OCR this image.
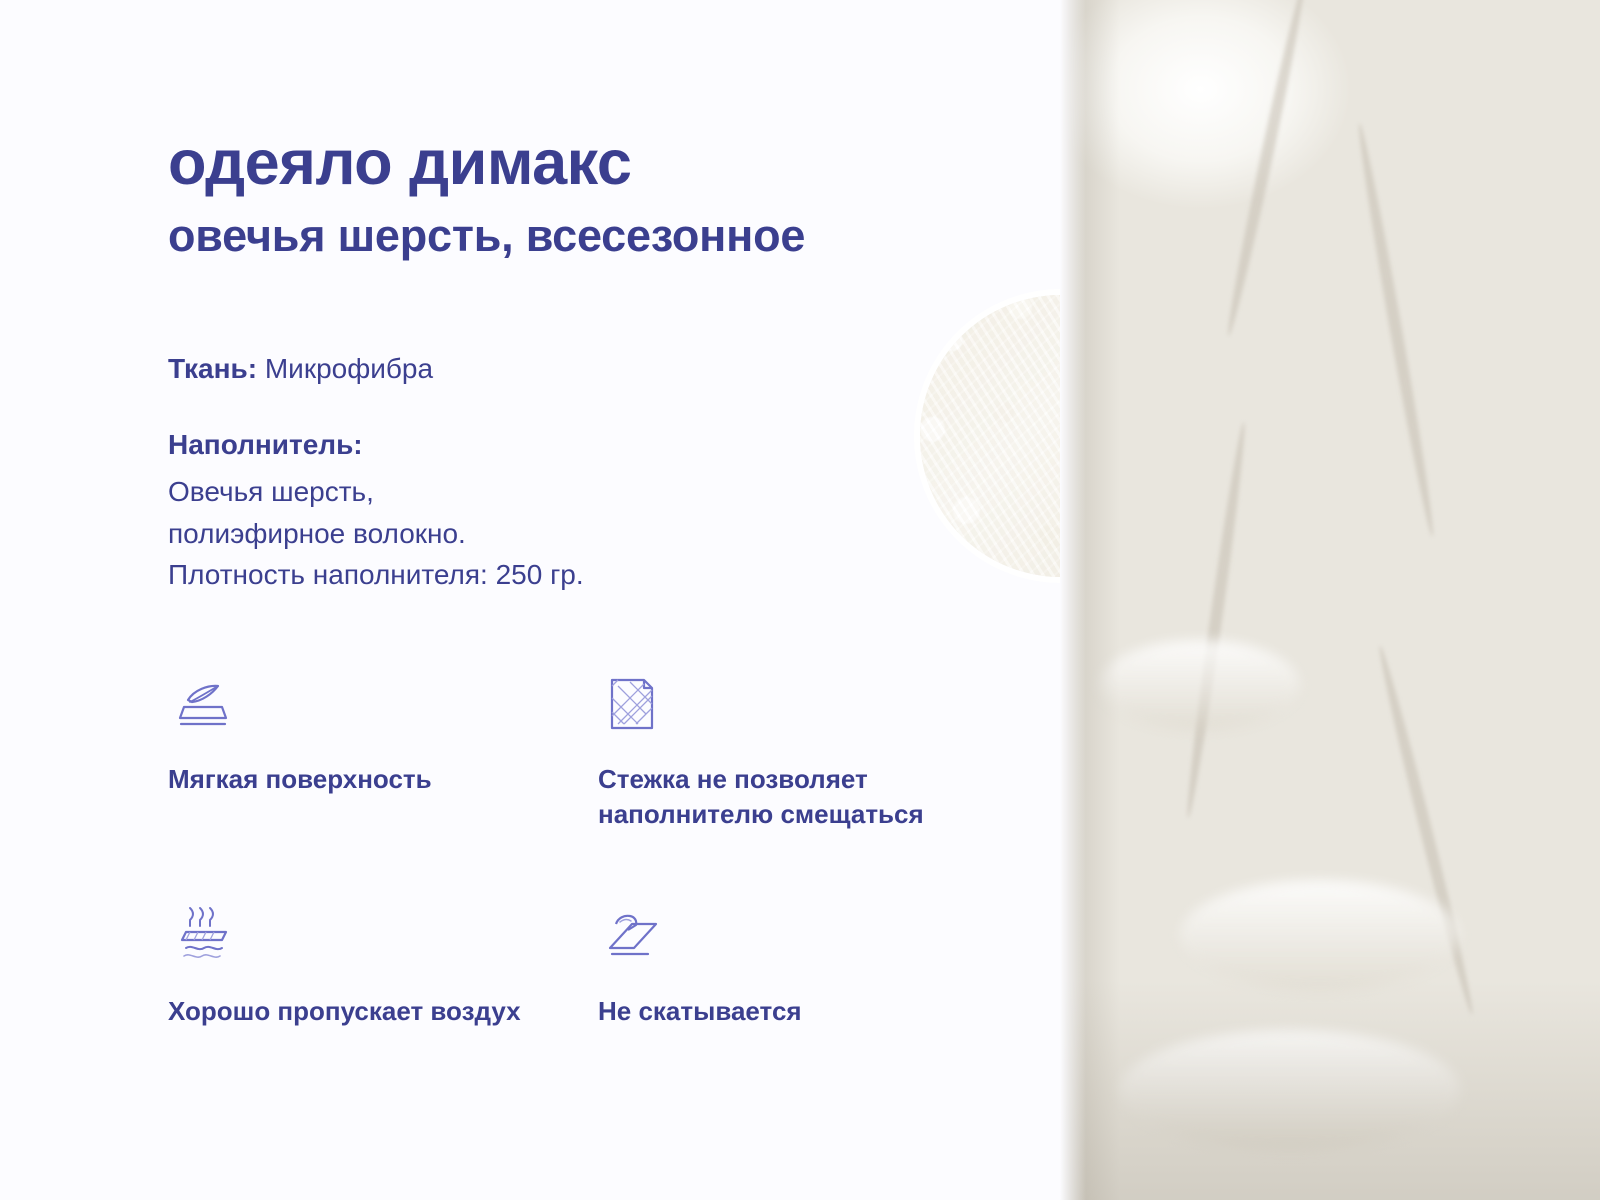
одеяло димакс
овечья шерсть, всесезонное
Ткань: Микрофибра
Наполнитель:
Овечья шерсть,
полиэфирное волокно.
Плотность наполнителя: 250 гр.
Мягкая поверхность	Стежка не позволяет наполнителю смещаться
Хорошо пропускает воздух	Не скатывается
